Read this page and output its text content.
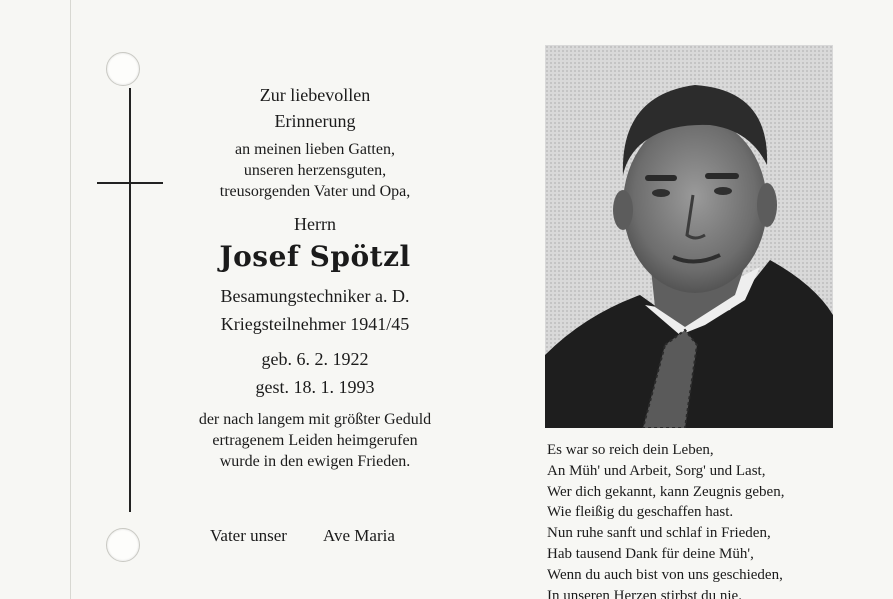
Zur liebevollen
Erinnerung
an meinen lieben Gatten,
unseren herzensguten,
treusorgenden Vater und Opa,
Herrn
Josef Spötzl
Besamungstechniker a. D.
Kriegsteilnehmer 1941/45
geb. 6. 2. 1922
gest. 18. 1. 1993
der nach langem mit größter Geduld
ertragenem Leiden heimgerufen
wurde in den ewigen Frieden.
Vater unser Ave Maria
Es war so reich dein Leben,
An Müh' und Arbeit, Sorg' und Last,
Wer dich gekannt, kann Zeugnis geben,
Wie fleißig du geschaffen hast.
Nun ruhe sanft und schlaf in Frieden,
Hab tausend Dank für deine Müh',
Wenn du auch bist von uns geschieden,
In unseren Herzen stirbst du nie.
